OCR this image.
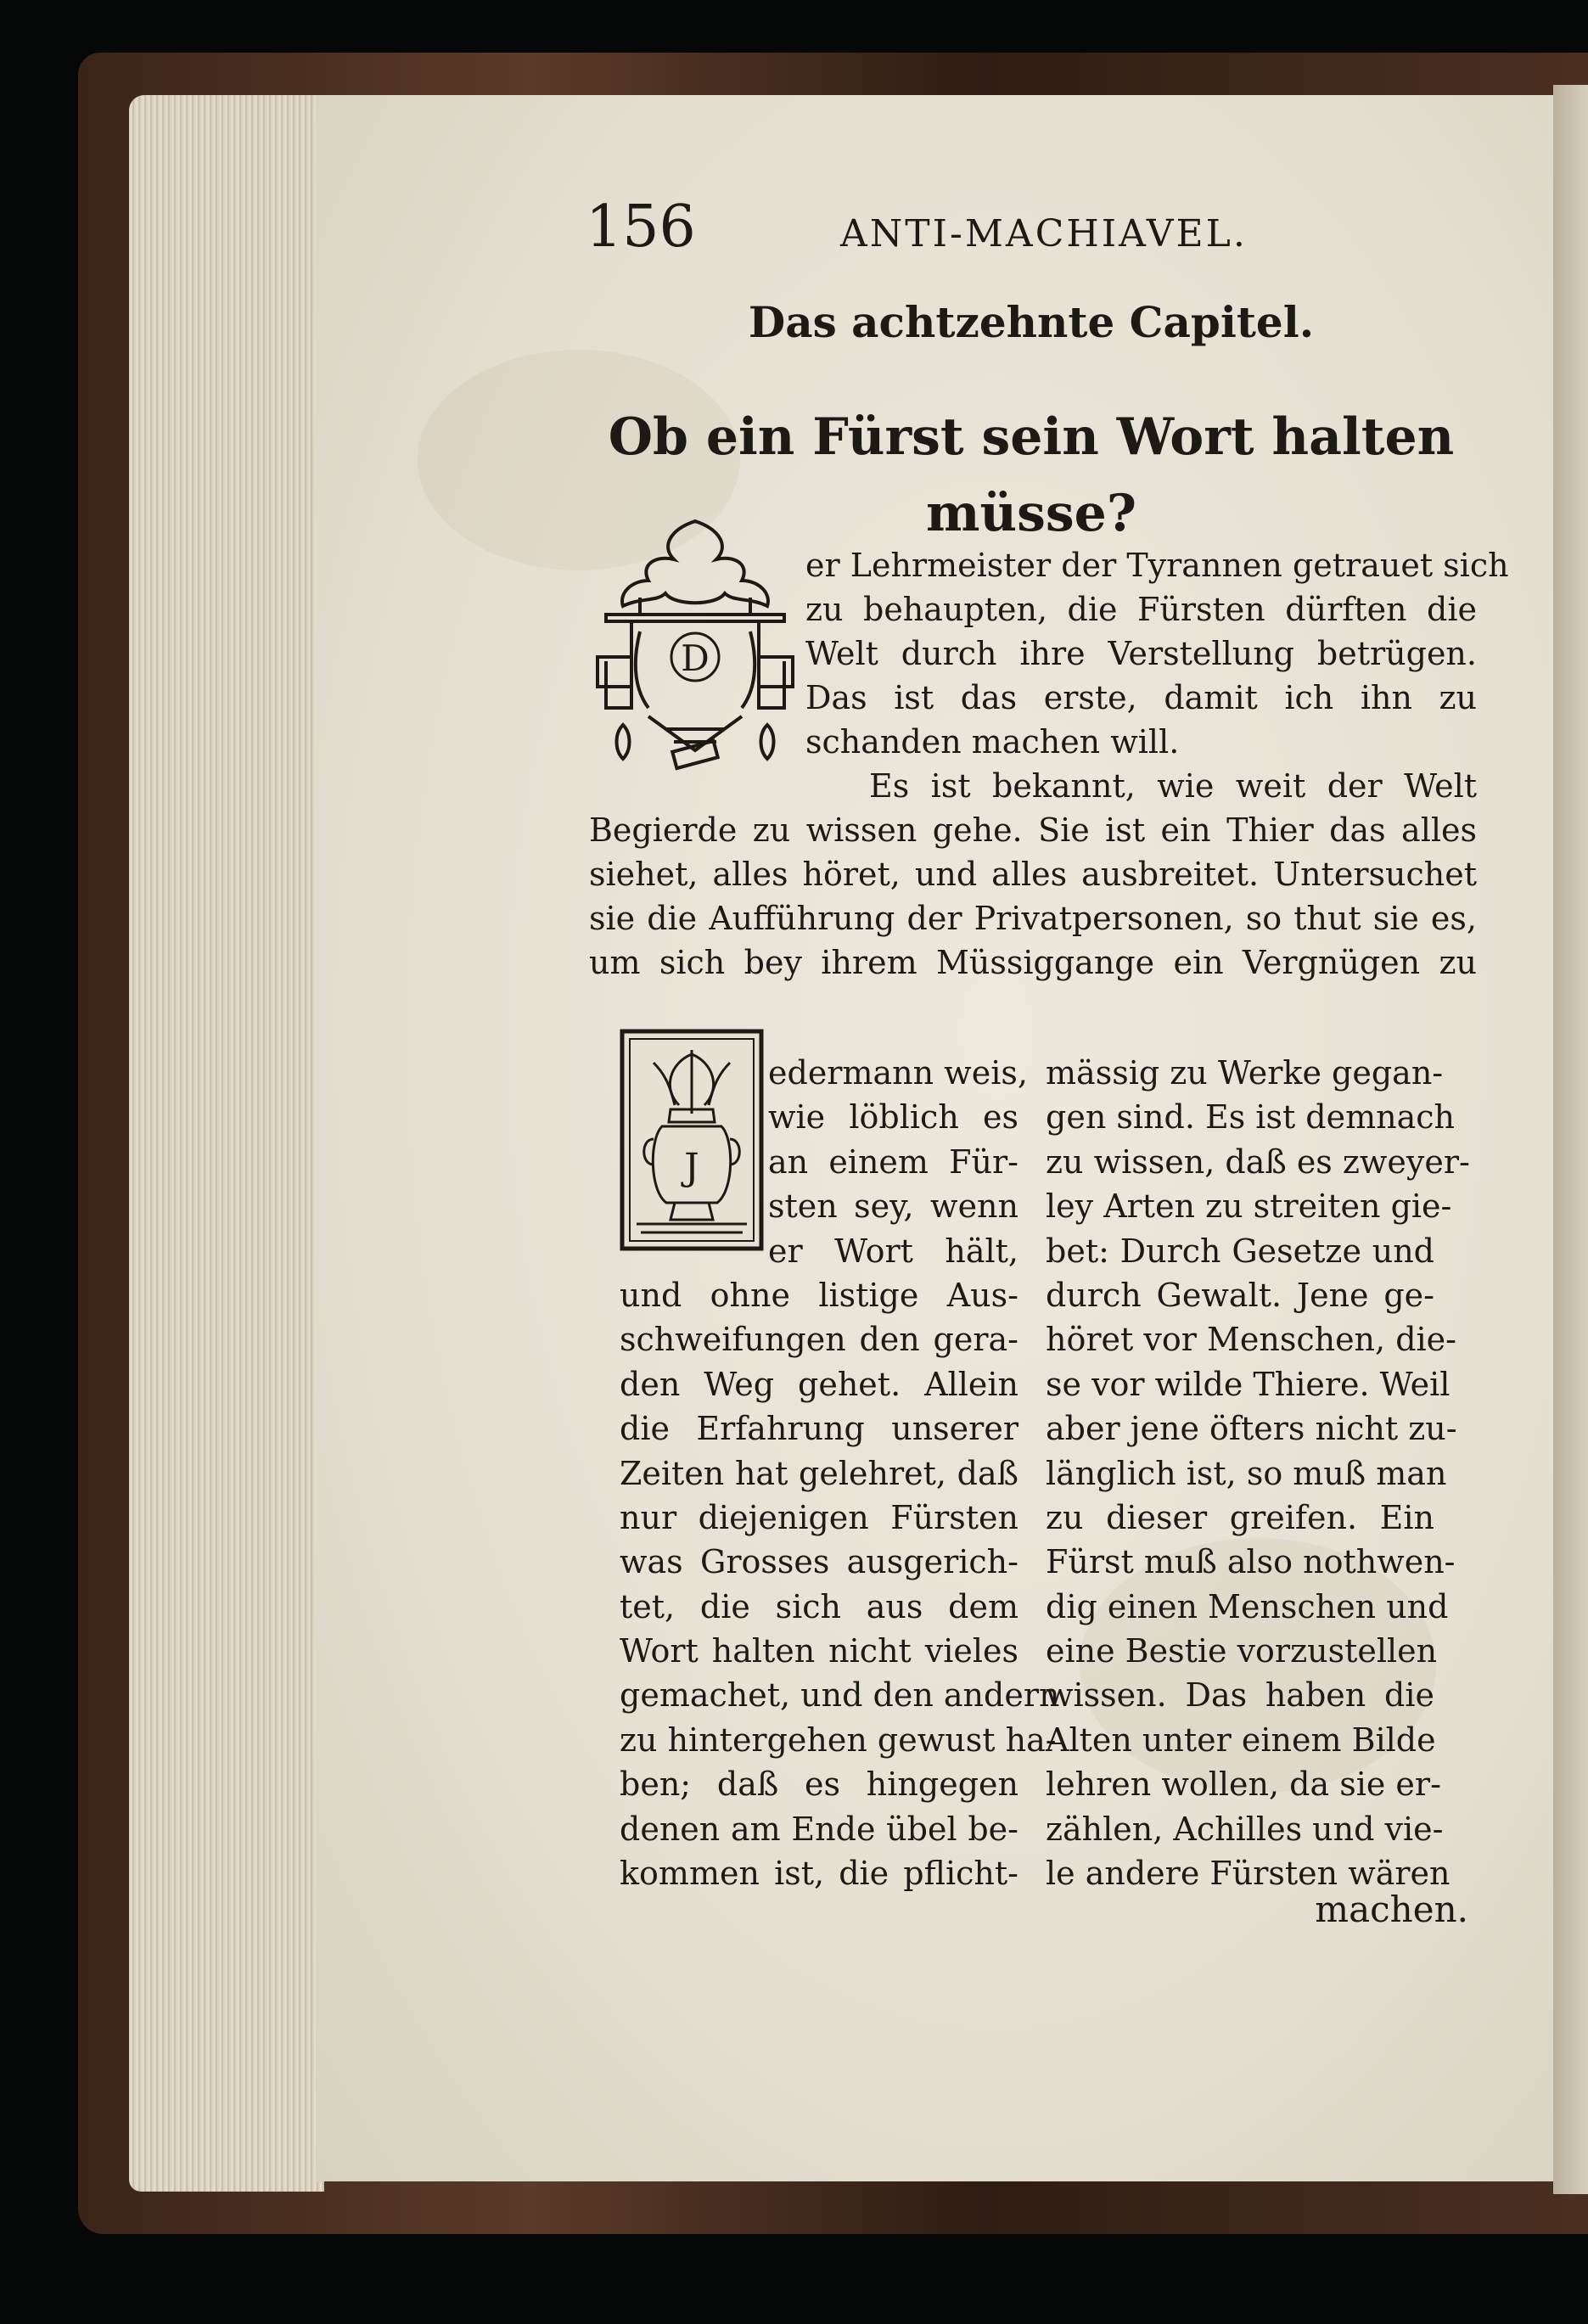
156	ANTI-MACHIAVEL.
Das achtzehnte Capitel.
Ob ein Fürst sein Wort halten müsse?
D
er Lehrmeister der Tyrannen getrauet sich
zu behaupten, die Fürsten dürften die
Welt durch ihre Verstellung betrügen.
Das ist das erste, damit ich ihn zu
schanden machen will.
Es ist bekannt, wie weit der Welt
Begierde zu wissen gehe. Sie ist ein Thier das alles
siehet, alles höret, und alles ausbreitet. Untersuchet
sie die Aufführung der Privatpersonen, so thut sie es,
um sich bey ihrem Müssiggange ein Vergnügen zu
J
edermann weis,
wie löblich es
an einem Für-
sten sey, wenn
er Wort hält,
und ohne listige Aus-
schweifungen den gera-
den Weg gehet. Allein
die Erfahrung unserer
Zeiten hat gelehret, daß
nur diejenigen Fürsten
was Grosses ausgerich-
tet, die sich aus dem
Wort halten nicht vieles
gemachet, und den andern
zu hintergehen gewust ha-
ben; daß es hingegen
denen am Ende übel be-
kommen ist, die pflicht-
mässig zu Werke gegan-
gen sind. Es ist demnach
zu wissen, daß es zweyer-
ley Arten zu streiten gie-
bet: Durch Gesetze und
durch Gewalt. Jene ge-
höret vor Menschen, die-
se vor wilde Thiere. Weil
aber jene öfters nicht zu-
länglich ist, so muß man
zu dieser greifen. Ein
Fürst muß also nothwen-
dig einen Menschen und
eine Bestie vorzustellen
wissen. Das haben die
Alten unter einem Bilde
lehren wollen, da sie er-
zählen, Achilles und vie-
le andere Fürsten wären
machen.
